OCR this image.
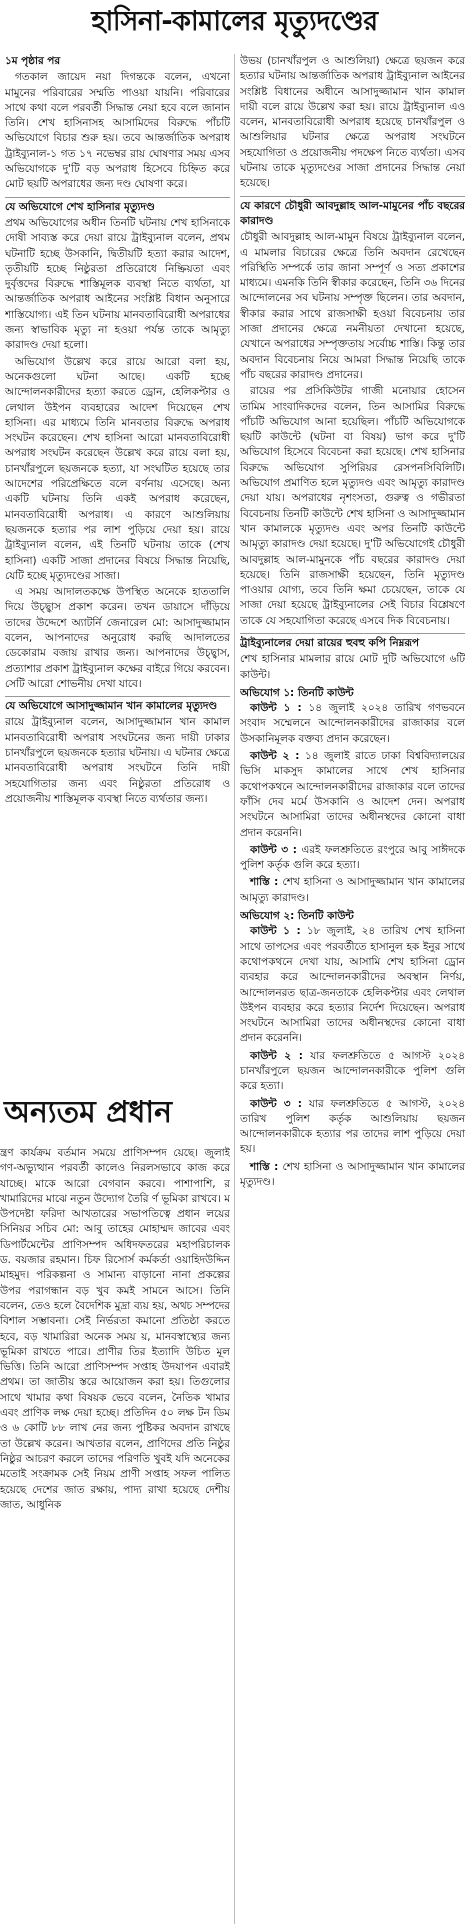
হাসিনা-কামালের মৃত্যুদণ্ডের

১ম পৃষ্ঠার পর

গতকাল জায়েদ নয়া দিগন্তকে বলেন, এখনো মামুনের পরিবারের সম্মতি পাওয়া যায়নি। পরিবারের সাথে কথা বলে পরবর্তী সিদ্ধান্ত নেয়া হবে বলে জানান তিনি। শেখ হাসিনাসহ আসামিদের বিরুদ্ধে পাঁচটি অভিযোগে বিচার শুরু হয়। তবে আন্তর্জাতিক অপরাধ ট্রাইব্যুনাল-১ গত ১৭ নভেম্বর রায় ঘোষণার সময় এসব অভিযোগকে দু'টি বড় অপরাধ হিসেবে চিহ্নিত করে মোট ছয়টি অপরাধের জন্য দণ্ড ঘোষণা করে।

যে অভিযোগে শেখ হাসিনার মৃত্যুদণ্ড

প্রথম অভিযোগের অধীন তিনটি ঘটনায় শেখ হাসিনাকে দোষী সাব্যস্ত করে দেয়া রায়ে ট্রাইব্যুনাল বলেন, প্রথম ঘটনাটি হচ্ছে উসকানি, দ্বিতীয়টি হত্যা করার আদেশ, তৃতীয়টি হচ্ছে নিষ্ঠুরতা প্রতিরোধে নিষ্ক্রিয়তা এবং দুর্বৃত্তদের বিরুদ্ধে শাস্তিমূলক ব্যবস্থা নিতে ব্যর্থতা, যা আন্তর্জাতিক অপরাধ আইনের সংশ্লিষ্ট বিধান অনুসারে শাস্তিযোগ্য। এই তিন ঘটনায় মানবতাবিরোধী অপরাধের জন্য স্বাভাবিক মৃত্যু না হওয়া পর্যন্ত তাকে আমৃত্যু কারাদণ্ড দেয়া হলো।

অভিযোগ উল্লেখ করে রায়ে আরো বলা হয়, অনেকগুলো ঘটনা আছে। একটি হচ্ছে আন্দোলনকারীদের হত্যা করতে ড্রোন, হেলিকপ্টার ও লেথাল উইপন ব্যবহারের আদেশ দিয়েছেন শেখ হাসিনা। এর মাধ্যমে তিনি মানবতার বিরুদ্ধে অপরাধ সংঘটন করেছেন। শেখ হাসিনা আরো মানবতাবিরোধী অপরাধ সংঘটন করেছেন উল্লেখ করে রায়ে বলা হয়, চানখাঁরপুলে ছয়জনকে হত্যা, যা সংঘটিত হয়েছে তার আদেশের পরিপ্রেক্ষিতে বলে বর্ণনায় এসেছে। অন্য একটি ঘটনায় তিনি একই অপরাধ করেছেন, মানবতাবিরোধী অপরাধ। এ কারণে আশুলিয়ায় ছয়জনকে হত্যার পর লাশ পুড়িয়ে দেয়া হয়। রায়ে ট্রাইব্যুনাল বলেন, এই তিনটি ঘটনায় তাকে (শেখ হাসিনা) একটি সাজা প্রদানের বিষয়ে সিদ্ধান্ত নিয়েছি, যেটি হচ্ছে মৃত্যুদণ্ডের সাজা।

এ সময় আদালতকক্ষে উপস্থিত অনেকে হাততালি দিয়ে উচ্ছ্বাস প্রকাশ করেন। তখন ডায়াসে দাঁড়িয়ে তাদের উদ্দেশে অ্যাটর্নি জেনারেল মো: আসাদুজ্জামান বলেন, আপনাদের অনুরোধ করছি আদালতের ডেকোরাম বজায় রাখার জন্য। আপনাদের উচ্ছ্বাস, প্রত্যাশার প্রকাশ ট্রাইব্যুনাল কক্ষের বাইরে গিয়ে করবেন। সেটি আরো শোভনীয় দেখা যাবে।

যে অভিযোগে আসাদুজ্জামান খান কামালের মৃত্যুদণ্ড

রায়ে ট্রাইব্যুনাল বলেন, আসাদুজ্জামান খান কামাল মানবতাবিরোধী অপরাধ সংঘটনের জন্য দায়ী ঢাকার চানখাঁরপুলে ছয়জনকে হত্যার ঘটনায়। এ ঘটনার ক্ষেত্রে মানবতাবিরোধী অপরাধ সংঘটনে তিনি দায়ী সহযোগিতার জন্য এবং নিষ্ঠুরতা প্রতিরোধ ও প্রয়োজনীয় শাস্তিমূলক ব্যবস্থা নিতে ব্যর্থতার জন্য।

উভয় (চানখাঁরপুল ও আশুলিয়া) ক্ষেত্রে ছয়জন করে হত্যার ঘটনায় আন্তর্জাতিক অপরাধ ট্রাইব্যুনাল আইনের সংশ্লিষ্ট বিধানের অধীনে আসাদুজ্জামান খান কামাল দায়ী বলে রায়ে উল্লেখ করা হয়। রায়ে ট্রাইব্যুনাল এও বলেন, মানবতাবিরোধী অপরাধ হয়েছে চানখাঁরপুল ও আশুলিয়ার ঘটনার ক্ষেত্রে অপরাধ সংঘটনে সহযোগিতা ও প্রয়োজনীয় পদক্ষেপ নিতে ব্যর্থতা। এসব ঘটনায় তাকে মৃত্যুদণ্ডের সাজা প্রদানের সিদ্ধান্ত নেয়া হয়েছে।

যে কারণে চৌধুরী আবদুল্লাহ আল-মামুনের পাঁচ বছরের কারাদণ্ড

চৌধুরী আবদুল্লাহ আল-মামুন বিষয়ে ট্রাইব্যুনাল বলেন, এ মামলার বিচারের ক্ষেত্রে তিনি অবদান রেখেছেন পরিস্থিতি সম্পর্কে তার জানা সম্পূর্ণ ও সত্য প্রকাশের মাধ্যমে। এমনকি তিনি স্বীকার করেছেন, তিনি ৩৬ দিনের আন্দোলনের সব ঘটনায় সম্পৃক্ত ছিলেন। তার অবদান, স্বীকার করার সাথে রাজসাক্ষী হওয়া বিবেচনায় তার সাজা প্রদানের ক্ষেত্রে নমনীয়তা দেখানো হয়েছে, যেখানে অপরাধের সম্পৃক্ততায় সর্বোচ্চ শাস্তি। কিন্তু তার অবদান বিবেচনায় নিয়ে আমরা সিদ্ধান্ত নিয়েছি তাকে পাঁচ বছরের কারাদণ্ড প্রদানের।

রায়ের পর প্রসিকিউটর গাজী মনোয়ার হোসেন তামিম সাংবাদিকদের বলেন, তিন আসামির বিরুদ্ধে পাঁচটি অভিযোগ আনা হয়েছিল। পাঁচটি অভিযোগকে ছয়টি কাউন্টে (ঘটনা বা বিষয়) ভাগ করে দু'টি অভিযোগ হিসেবে বিবেচনা করা হয়েছে। শেখ হাসিনার বিরুদ্ধে অভিযোগ সুপিরিয়র রেসপনসিবিলিটি। অভিযোগ প্রমাণিত হলে মৃত্যুদণ্ড এবং আমৃত্যু কারাদণ্ড দেয়া যায়। অপরাধের নৃশংসতা, গুরুত্ব ও গভীরতা বিবেচনায় তিনটি কাউন্টে শেখ হাসিনা ও আসাদুজ্জামান খান কামালকে মৃত্যুদণ্ড এবং অপর তিনটি কাউন্টে আমৃত্যু কারাদণ্ড দেয়া হয়েছে। দু'টি অভিযোগেই চৌধুরী আবদুল্লাহ আল-মামুনকে পাঁচ বছরের কারাদণ্ড দেয়া হয়েছে। তিনি রাজসাক্ষী হয়েছেন, তিনি মৃত্যুদণ্ড পাওয়ার যোগ্য, তবে তিনি ক্ষমা চেয়েছেন, তাকে যে সাজা দেয়া হয়েছে ট্রাইব্যুনালের সেই বিচার বিশ্লেষণে তাকে যে সহযোগিতা করেছে এসবে দিক বিবেচনায়।

ট্রাইব্যুনালের দেয়া রায়ের হুবহু কপি নিম্নরূপ

শেখ হাসিনার মামলার রায়ে মোট দুটি অভিযোগে ৬টি কাউন্ট।

অভিযোগ ১: তিনটি কাউন্ট

কাউন্ট ১ : ১৪ জুলাই ২০২৪ তারিখ গণভবনে সংবাদ সম্মেলনে আন্দোলনকারীদের রাজাকার বলে উসকানিমূলক বক্তব্য প্রদান করেছেন।

কাউন্ট ২ : ১৪ জুলাই রাতে ঢাকা বিশ্ববিদ্যালয়ের ভিসি মাকসুদ কামালের সাথে শেখ হাসিনার কথোপকথনে আন্দোলনকারীদের রাজাকার বলে তাদের ফাঁসি দেব মর্মে উসকানি ও আদেশ দেন। অপরাধ সংঘটনে আসামিরা তাদের অধীনস্থদের কোনো বাধা প্রদান করেননি।

কাউন্ট ৩ : এরই ফলশ্রুতিতে রংপুরে আবু সাঈদকে পুলিশ কর্তৃক গুলি করে হত্যা।

শাস্তি : শেখ হাসিনা ও আসাদুজ্জামান খান কামালের আমৃত্যু কারাদণ্ড।

অভিযোগ ২: তিনটি কাউন্ট

কাউন্ট ১ : ১৮ জুলাই, ২৪ তারিখ শেখ হাসিনা সাথে তাপসের এবং পরবর্তীতে হাসানুল হক ইনুর সাথে কথোপকথনে দেখা যায়, আসামি শেখ হাসিনা ড্রোন ব্যবহার করে আন্দোলনকারীদের অবস্থান নির্ণয়, আন্দোলনরত ছাত্র-জনতাকে হেলিকপ্টার এবং লেথাল উইপন ব্যবহার করে হত্যার নির্দেশ দিয়েছেন। অপরাধ সংঘটনে আসামিরা তাদের অধীনস্থদের কোনো বাধা প্রদান করেননি।

কাউন্ট ২ : যার ফলশ্রুতিতে ৫ আগস্ট ২০২৪ চানখাঁরপুলে ছয়জন আন্দোলনকারীকে পুলিশ গুলি করে হত্যা।

কাউন্ট ৩ : যার ফলশ্রুতিতে ৫ আগস্ট, ২০২৪ তারিখ পুলিশ কর্তৃক আশুলিয়ায় ছয়জন আন্দোলনকারীকে হত্যার পর তাদের লাশ পুড়িয়ে দেয়া হয়।

শাস্তি : শেখ হাসিনা ও আসাদুজ্জামান খান কামালের মৃত্যুদণ্ড।

অন্যতম প্রধান

ন্ত্রণ কার্যক্রম বর্তমান সময়ে প্রাণিসম্পদ য়েছে। জুলাই গণ-অভ্যুত্থান পরবর্তী কালেও নিরলসভাবে কাজ করে যাচ্ছে। মাকে আরো বেগবান করবে। পাশাপাশি, র খামারিদের মাঝে নতুন উদ্যোগ তৈরি র্ণ ভূমিকা রাখবে। ম উপদেষ্টা ফরিদা আখতারের সভাপতিত্বে প্রধান লয়ের সিনিয়র সচিব মো: আবু তাহের মোহাম্মদ জাবের এবং ডিপার্টমেন্টের প্রাণিসম্পদ অধিদফতরের মহাপরিচালক ড. বয়জার রহমান। চিফ রিসোর্স কর্মকর্তা ওয়াহিদউদ্দিন মাহমুদ। পরিকল্পনা ও সামান্য বাড়ানো নানা প্রকল্পের উপর পরাগন্ধান বড় খুব কমই সামনে আসে। তিনি বলেন, তেও হলে বৈদেশিক মুদ্রা ব্যয় হয়, অথচ সম্পদের বিশাল সম্ভাবনা। সেই নির্ভরতা কমানো প্রতিষ্ঠা করতে হবে, বড় খামারিরা অনেক সময় য়, মানবস্বাস্থ্যের জন্য ভূমিকা রাখতে পারে। প্রাণীর তির ইত্যাদি উচিত মূল ভিত্তি। তিনি আরো প্রাণিসম্পদ সপ্তাহ উদযাপন এবারই প্রথম। তা জাতীয় স্তরে আয়োজন করা হয়। তিগুলোর সাথে খামার কথা বিষয়ক ভেবে বলেন, নৈতিক খামার এবং প্রাণিক লক্ষ দেয়া হচ্ছে। প্রতিদিন ৫০ লক্ষ টন ডিম ও ৬ কোটি ৮৮ লাখ নের জন্য পুষ্টিকর অবদান রাখছে তা উল্লেখ করেন। আখতার বলেন, প্রাণিদের প্রতি নিষ্ঠুর নিষ্ঠুর আচরণ করলে তাদের পরিণতি খুবই যদি অনেকের মতোই সংক্রামক সেই নিয়ম প্রাণী সপ্তাহ সফল পালিত হয়েছে দেশের জাত রক্ষায়, পাদ্য রাখা হয়েছে দেশীয় জাত, আধুনিক
